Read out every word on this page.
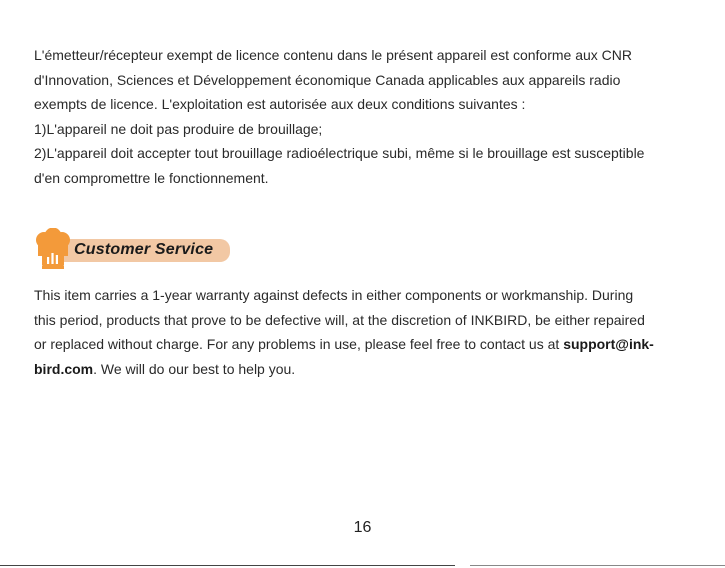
L'émetteur/récepteur exempt de licence contenu dans le présent appareil est conforme aux CNR
d'Innovation, Sciences et Développement économique Canada applicables aux appareils radio
exempts de licence. L'exploitation est autorisée aux deux conditions suivantes :
1)L'appareil ne doit pas produire de brouillage;
2)L'appareil doit accepter tout brouillage radioélectrique subi, même si le brouillage est susceptible
d'en compromettre le fonctionnement.
Customer Service
This item carries a 1-year warranty against defects in either components or workmanship. During
this period, products that prove to be defective will, at the discretion of INKBIRD, be either repaired
or replaced without charge. For any problems in use, please feel free to contact us at support@ink-
bird.com. We will do our best to help you.
16
